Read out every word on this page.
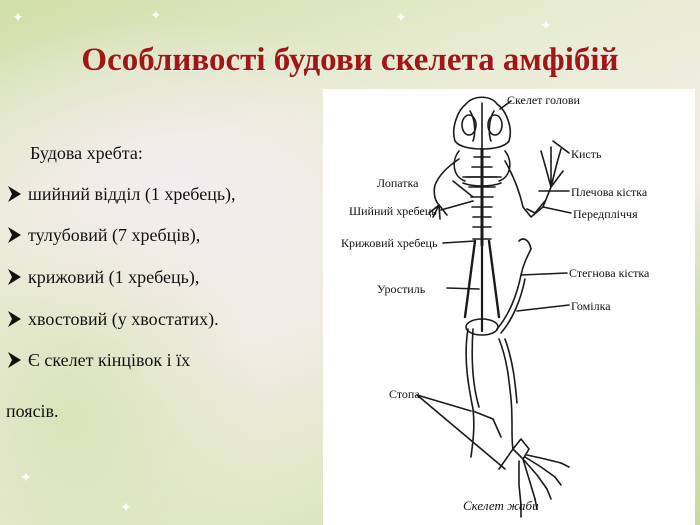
✦	✦	✦
✦
✦
✦
Особливості будови скелета амфібій
Будова хребта:
шийний відділ (1 хребець),
тулубовий (7 хребців),
крижовий (1 хребець),
хвостовий (у хвостатих).
Є скелет кінцівок і їх
поясів.
Скелет голови
Кисть
Лопатка
Плечова кістка
Шийний хребець	Передпліччя
Крижовий хребець
Стегнова кістка
Уростиль
Гомілка
Стопа
Скелет жаби
